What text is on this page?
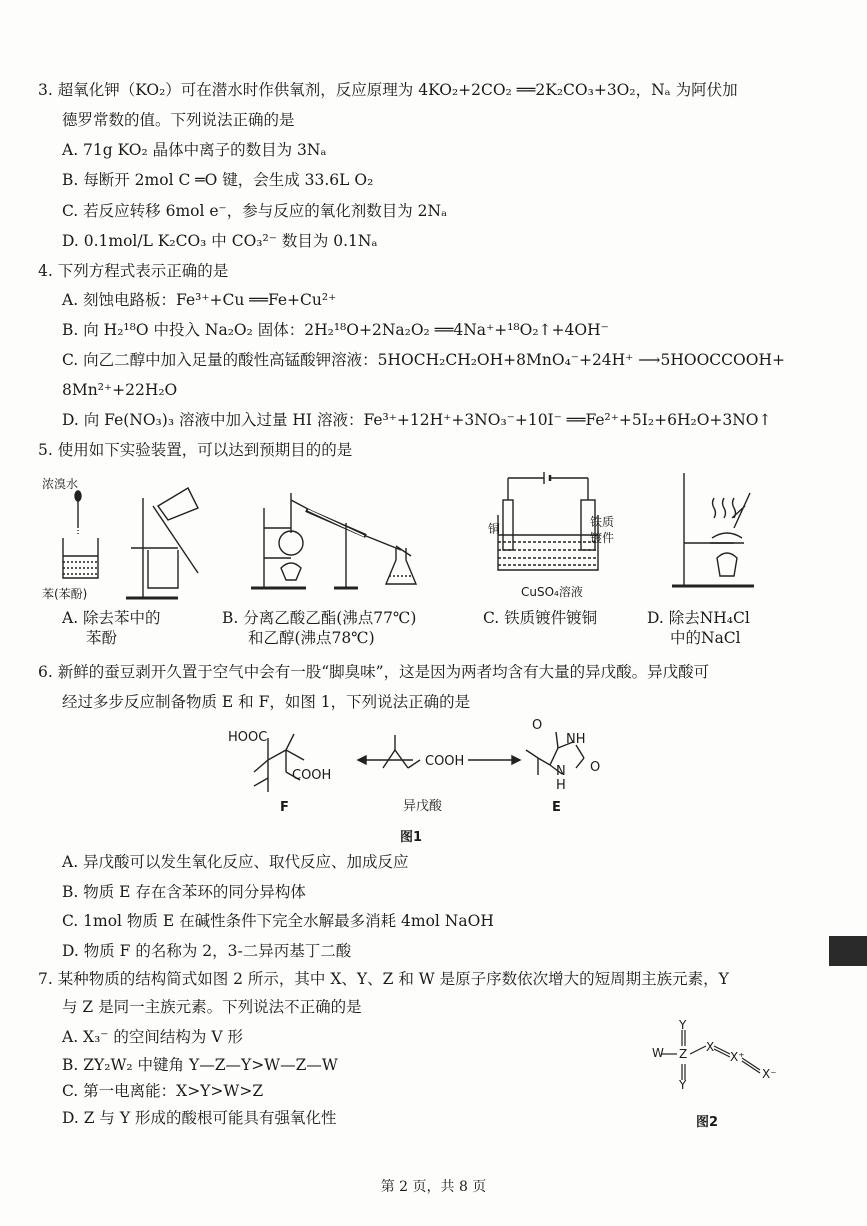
3. 超氧化钾（KO₂）可在潜水时作供氧剂，反应原理为 4KO₂+2CO₂ ══2K₂CO₃+3O₂，Nₐ 为阿伏加
德罗常数的值。下列说法正确的是
A. 71g KO₂ 晶体中离子的数目为 3Nₐ
B. 每断开 2mol C ═O 键，会生成 33.6L O₂
C. 若反应转移 6mol e⁻，参与反应的氧化剂数目为 2Nₐ
D. 0.1mol/L K₂CO₃ 中 CO₃²⁻ 数目为 0.1Nₐ
4. 下列方程式表示正确的是
A. 刻蚀电路板：Fe³⁺+Cu ══Fe+Cu²⁺
B. 向 H₂¹⁸O 中投入 Na₂O₂ 固体：2H₂¹⁸O+2Na₂O₂ ══4Na⁺+¹⁸O₂↑+4OH⁻
C. 向乙二醇中加入足量的酸性高锰酸钾溶液：5HOCH₂CH₂OH+8MnO₄⁻+24H⁺ ⟶5HOOCCOOH+
8Mn²⁺+22H₂O
D. 向 Fe(NO₃)₃ 溶液中加入过量 HI 溶液：Fe³⁺+12H⁺+3NO₃⁻+10I⁻ ══Fe²⁺+5I₂+6H₂O+3NO↑
5. 使用如下实验装置，可以达到预期目的的是
浓溴水
苯(苯酚)
铜	铁质
镀件
CuSO₄溶液
A. 除去苯中的
苯酚
B. 分离乙酸乙酯(沸点77℃)
和乙醇(沸点78℃)
C. 铁质镀件镀铜	D. 除去NH₄Cl
中的NaCl
6. 新鲜的蚕豆剥开久置于空气中会有一股“脚臭味”，这是因为两者均含有大量的异戊酸。异戊酸可
经过多步反应制备物质 E 和 F，如图 1，下列说法正确的是
HOOC
COOH
COOH
O
NH
O
N
H
F	异戊酸	E
图1
A. 异戊酸可以发生氧化反应、取代反应、加成反应
B. 物质 E 存在含苯环的同分异构体
C. 1mol 物质 E 在碱性条件下完全水解最多消耗 4mol NaOH
D. 物质 F 的名称为 2，3-二异丙基丁二酸
7. 某种物质的结构简式如图 2 所示，其中 X、Y、Z 和 W 是原子序数依次增大的短周期主族元素，Y
与 Z 是同一主族元素。下列说法不正确的是
A. X₃⁻ 的空间结构为 V 形
B. ZY₂W₂ 中键角 Y—Z—Y>W—Z—W
C. 第一电离能：X>Y>W>Z
D. Z 与 Y 形成的酸根可能具有强氧化性
Y
Y
W Z X
X⁺
X⁻
图2
第 2 页，共 8 页
